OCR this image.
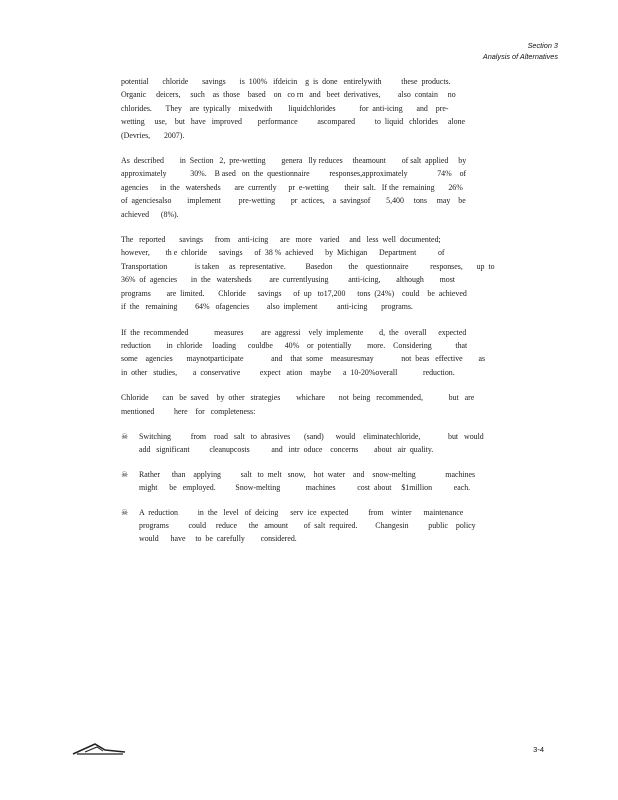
Section 3
Analysis of Alternatives
potential       chloride       savings       is  100%   ifdeicin    g  is  done   entirelywith          these  products.
Organic     deicers,     such    as  those    based    on   co rn   and   beet  derivatives,         also  contain     no
chlorides.       They    are  typically    mixedwith        liquidchlorides            for  anti-icing       and    pre-
wetting     use,    but   have   improved        performance          ascompared          to  liquid   chlorides     alone
(Devries,       2007).
As  described        in  Section   2,  pre-wetting        genera   lly reduces     theamount        of salt  applied     by
approximately            30%.    B ased   on  the  questionnaire          responses,approximately               74%    of
agencies      in  the   watersheds       are  currently      pr  e-wetting        their  salt.   If the  remaining       26%
of  agenciesalso        implement         pre-wetting        pr  actices,    a  savingsof        5,400     tons     may    be
achieved      (8%).
The   reported       savings      from    anti-icing      are   more    varied     and   less  well  documented;
however,        th e  chloride      savings      of  38 %  achieved      by  Michigan      Department           of
Transportation              is taken     as  representative.          Basedon        the    questionnaire           responses,       up  to
36%  of  agencies       in  the   watersheds         are  currentlyusing          anti-icing,        although        most
programs        are  limited.       Chloride      savings      of  up   to17,200      tons  (24%)    could    be  achieved
if  the   remaining         64%   ofagencies         also  implement          anti-icing       programs.
If  the  recommended             measures         are  aggressi    vely  implemente        d,  the   overall      expected
reduction        in  chloride     loading      couldbe      40%    or  potentially        more.    Considering            that
some    agencies       maynotparticipate              and    that  some    measuresmay              not  beas   effective        as
in  other   studies,        a  conservative          expect   ation    maybe      a  10-20%overall             reduction.
Chloride       can   be  saved    by  other   strategies        whichare       not  being   recommended,             but   are
mentioned          here    for   completeness:
☠ Switching          from    road   salt   to  abrasives       (sand)      would    eliminatechloride,              but   would
add   significant          cleanupcosts           and   intr  oduce    concerns        about   air  quality.
☠ Rather      than    applying          salt   to  melt   snow,    hot  water    and    snow-melting               machines
might      be   employed.          Snow-melting             machines           cost  about     $1million           each.
☠ A  reduction          in  the   level   of  deicing      serv  ice  expected          from    winter      maintenance
programs          could     reduce      the   amount        of  salt  required.         Changesin          public    policy
would      have     to  be  carefully        considered.
3-4
